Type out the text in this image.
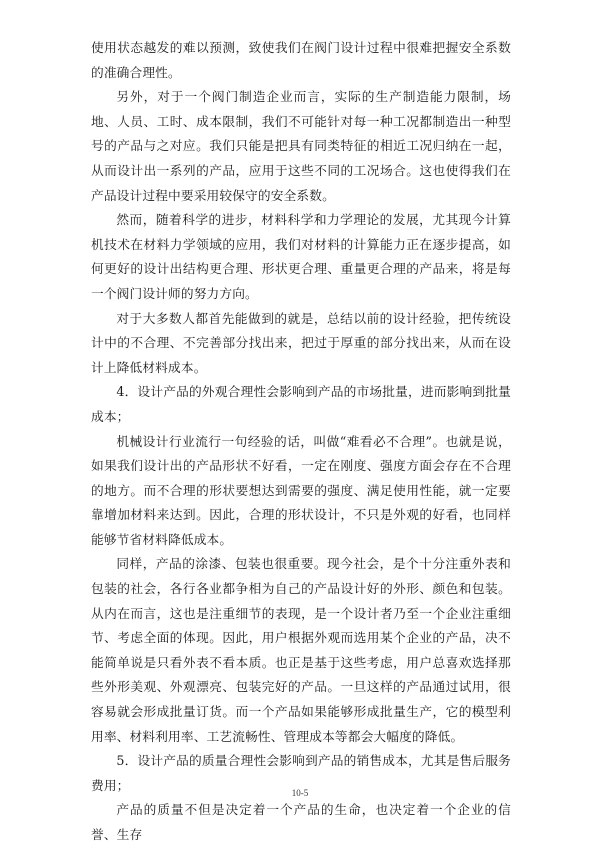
使用状态越发的难以预测，致使我们在阀门设计过程中很难把握安全系数的准确合理性。

另外，对于一个阀门制造企业而言，实际的生产制造能力限制，场地、人员、工时、成本限制，我们不可能针对每一种工况都制造出一种型号的产品与之对应。我们只能是把具有同类特征的相近工况归纳在一起，从而设计出一系列的产品，应用于这些不同的工况场合。这也使得我们在产品设计过程中要采用较保守的安全系数。

然而，随着科学的进步，材料科学和力学理论的发展，尤其现今计算机技术在材料力学领域的应用，我们对材料的计算能力正在逐步提高，如何更好的设计出结构更合理、形状更合理、重量更合理的产品来，将是每一个阀门设计师的努力方向。

对于大多数人都首先能做到的就是，总结以前的设计经验，把传统设计中的不合理、不完善部分找出来，把过于厚重的部分找出来，从而在设计上降低材料成本。

4．设计产品的外观合理性会影响到产品的市场批量，进而影响到批量成本；

机械设计行业流行一句经验的话，叫做“难看必不合理”。也就是说，如果我们设计出的产品形状不好看，一定在刚度、强度方面会存在不合理的地方。而不合理的形状要想达到需要的强度、满足使用性能，就一定要靠增加材料来达到。因此，合理的形状设计，不只是外观的好看，也同样能够节省材料降低成本。

同样，产品的涂漆、包装也很重要。现今社会，是个十分注重外表和包装的社会，各行各业都争相为自己的产品设计好的外形、颜色和包装。从内在而言，这也是注重细节的表现，是一个设计者乃至一个企业注重细节、考虑全面的体现。因此，用户根据外观而选用某个企业的产品，决不能简单说是只看外表不看本质。也正是基于这些考虑，用户总喜欢选择那些外形美观、外观漂亮、包装完好的产品。一旦这样的产品通过试用，很容易就会形成批量订货。而一个产品如果能够形成批量生产，它的模型利用率、材料利用率、工艺流畅性、管理成本等都会大幅度的降低。

5．设计产品的质量合理性会影响到产品的销售成本，尤其是售后服务费用；

产品的质量不但是决定着一个产品的生命，也决定着一个企业的信誉、生存

10-5
